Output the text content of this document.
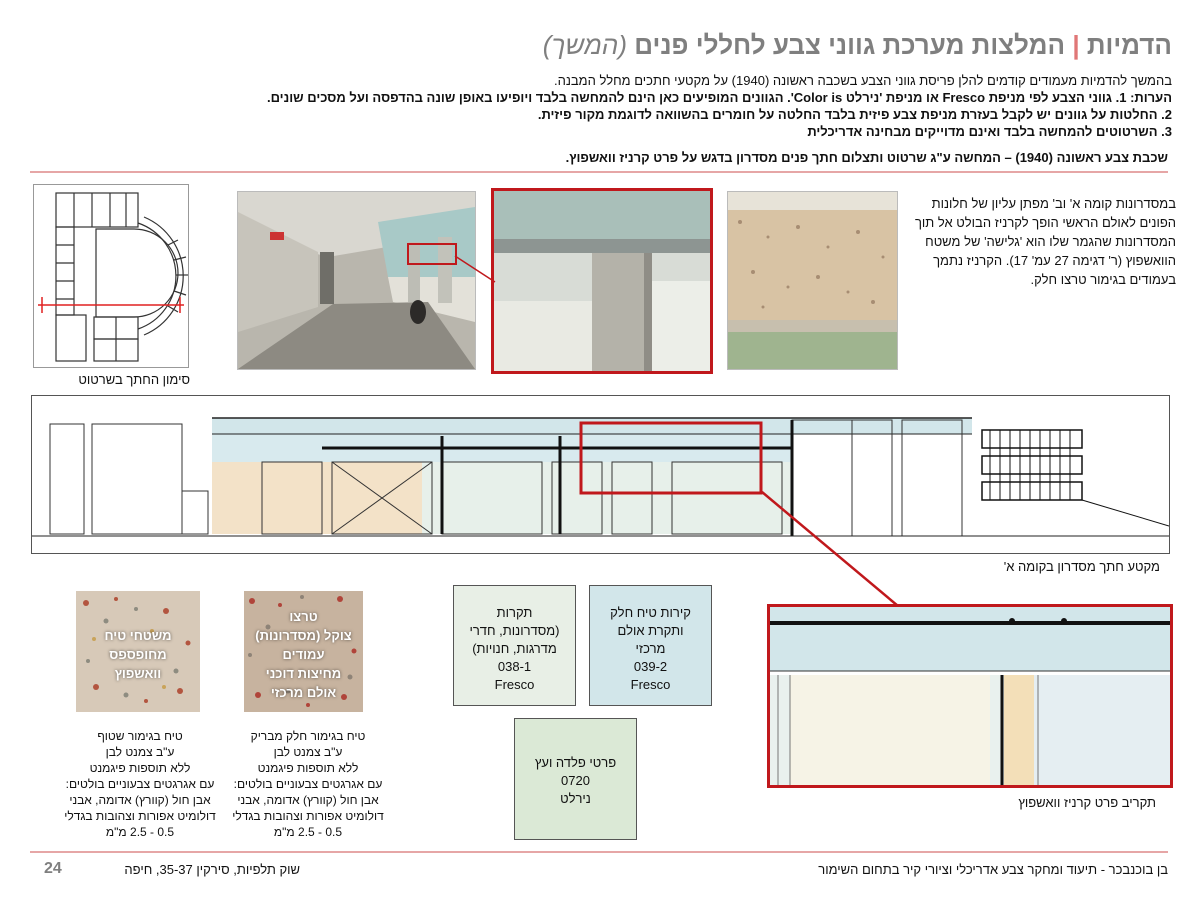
הדמיות | המלצות מערכת גווני צבע לחללי פנים (המשך)
בהמשך להדמיות מעמודים קודמים להלן פריסת גווני הצבע בשכבה ראשונה (1940) על מקטעי חתכים מחלל המבנה.
הערות: 1. גווני הצבע לפי מניפת Fresco או מניפת 'נירלט Color is'. הגוונים המופיעים כאן הינם להמחשה בלבד ויופיעו באופן שונה בהדפסה ועל מסכים שונים.
2. החלטות על גוונים יש לקבל בעזרת מניפת צבע פיזית בלבד החלטה על חומרים בהשוואה לדוגמת מקור פיזית.
3. השרטוטים להמחשה בלבד ואינם מדוייקים מבחינה אדריכלית
שכבת צבע ראשונה (1940) – המחשה ע"ג שרטוט ותצלום חתך פנים מסדרון בדגש על פרט קרניז וואשפוץ.
סימון החתך בשרטוט
במסדרונות קומה א' וב' מפתן עליון של חלונות הפונים לאולם הראשי הופך לקרניז הבולט אל תוך המסדרונות שהגמר שלו הוא 'גלישה' של משטח הוואשפוץ (ר' דגימה 27 עמ' 17). הקרניז נתמך בעמודים בגימור טרצו חלק.
מקטע חתך מסדרון בקומה א'
תקרות
(מסדרונות, חדרי
מדרגות, חנויות)
038-1
Fresco
קירות טיח חלק
ותקרת אולם
מרכזי
039-2
Fresco
פרטי פלדה ועץ
0720
נירלט	תקריב פרט קרניז וואשפוץ
משטחי טיח
מחופספס
וואשפוץ
טרצו
צוקל (מסדרונות)
עמודים
מחיצות דוכני
אולם מרכזי
טיח בגימור שטוף
ע"ב צמנט לבן
ללא תוספות פיגמנט
עם אגרגטים צבעוניים בולטים:
אבן חול (קוורץ) אדומה, אבני
דולומיט אפורות וצהובות בגדלי
0.5 - 2.5 מ"מ
טיח בגימור חלק מבריק
ע"ב צמנט לבן
ללא תוספות פיגמנט
עם אגרגטים צבעוניים בולטים:
אבן חול (קוורץ) אדומה, אבני
דולומיט אפורות וצהובות בגדלי
0.5 - 2.5 מ"מ
24	שוק תלפיות, סירקין 35-37, חיפה	בן בוכנבכר - תיעוד ומחקר צבע אדריכלי וציורי קיר בתחום השימור
